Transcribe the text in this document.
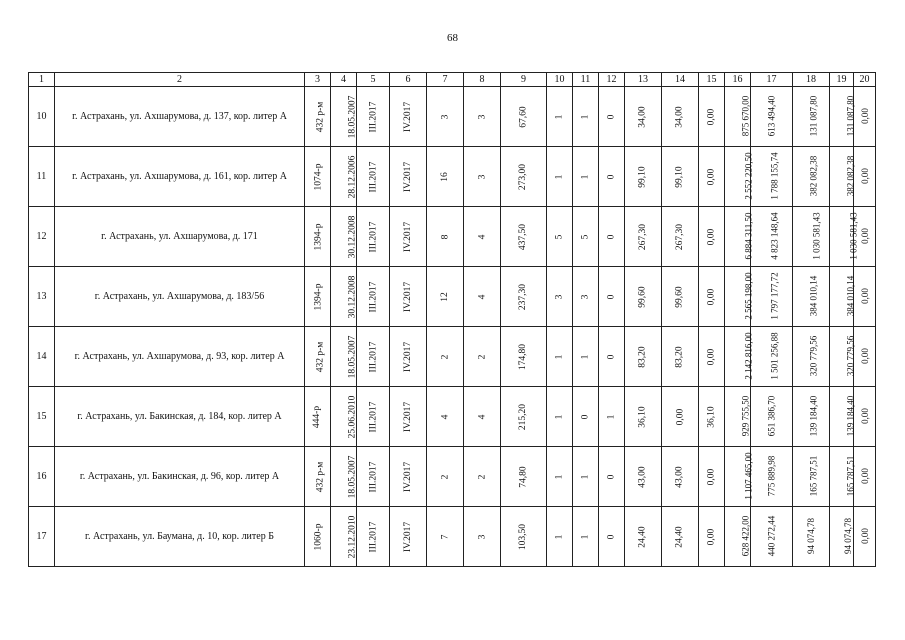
68
1	2	3	4	5	6	7	8	9	10	11	12	13	14	15	16	17	18	19	20
10	г. Астрахань, ул. Ахшарумова, д. 137, кор. литер А	432 р-м	18.05.2007	III.2017	IV.2017	3	3	67,60	1	1	0	34,00	34,00	0,00	875 670,00	613 494,40	131 087,80	131 087,80	0,00
11	г. Астрахань, ул. Ахшарумова, д. 161, кор. литер А	1074-р	28.12.2006	III.2017	IV.2017	16	3	273,00	1	1	0	99,10	99,10	0,00	2 552 220,50	1 788 155,74	382 082,38	382 082,38	0,00
12	г. Астрахань, ул. Ахшарумова, д. 171	1394-р	30.12.2008	III.2017	IV.2017	8	4	437,50	5	5	0	267,30	267,30	0,00	6 884 311,50	4 823 148,64	1 030 581,43	1 030 581,43	0,00
13	г. Астрахань, ул. Ахшарумова, д. 183/56	1394-р	30.12.2008	III.2017	IV.2017	12	4	237,30	3	3	0	99,60	99,60	0,00	2 565 198,00	1 797 177,72	384 010,14	384 010,14	0,00
14	г. Астрахань, ул. Ахшарумова, д. 93, кор. литер А	432 р-м	18.05.2007	III.2017	IV.2017	2	2	174,80	1	1	0	83,20	83,20	0,00	2 142 816,00	1 501 256,88	320 779,56	320 779,56	0,00
15	г. Астрахань, ул. Бакинская, д. 184, кор. литер А	444-р	25.06.2010	III.2017	IV.2017	4	4	215,20	1	0	1	36,10	0,00	36,10	929 755,50	651 386,70	139 184,40	139 184,40	0,00
16	г. Астрахань, ул. Бакинская, д. 96, кор. литер А	432 р-м	18.05.2007	III.2017	IV.2017	2	2	74,80	1	1	0	43,00	43,00	0,00	1 107 465,00	775 889,98	165 787,51	165 787,51	0,00
17	г. Астрахань, ул. Баумана, д. 10, кор. литер Б	1060-р	23.12.2010	III.2017	IV.2017	7	3	103,50	1	1	0	24,40	24,40	0,00	628 422,00	440 272,44	94 074,78	94 074,78	0,00
